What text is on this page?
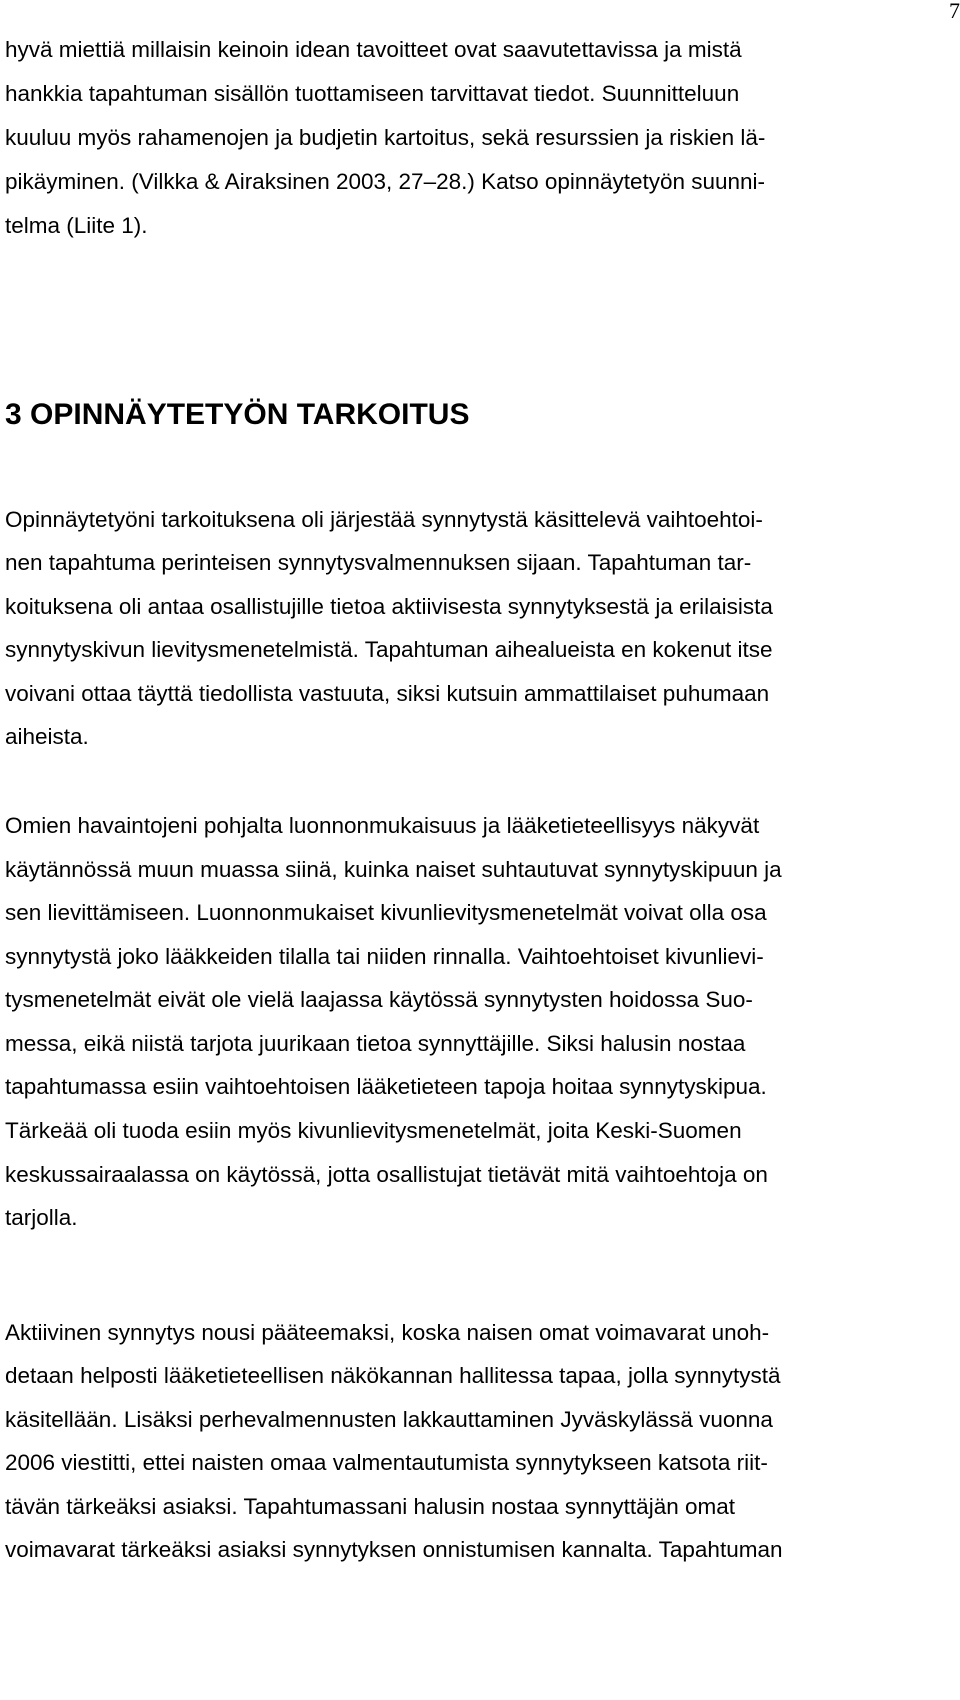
7
hyvä miettiä millaisin keinoin idean tavoitteet ovat saavutettavissa ja mistä
hankkia tapahtuman sisällön tuottamiseen tarvittavat tiedot. Suunnitteluun
kuuluu myös rahamenojen ja budjetin kartoitus, sekä resurssien ja riskien lä-
pikäyminen. (Vilkka & Airaksinen 2003, 27–28.) Katso opinnäytetyön suunni-
telma (Liite 1).
3 OPINNÄYTETYÖN TARKOITUS
Opinnäytetyöni tarkoituksena oli järjestää synnytystä käsittelevä vaihtoehtoi-
nen tapahtuma perinteisen synnytysvalmennuksen sijaan. Tapahtuman tar-
koituksena oli antaa osallistujille tietoa aktiivisesta synnytyksestä ja erilaisista
synnytyskivun lievitysmenetelmistä. Tapahtuman aihealueista en kokenut itse
voivani ottaa täyttä tiedollista vastuuta, siksi kutsuin ammattilaiset puhumaan
aiheista.
Omien havaintojeni pohjalta luonnonmukaisuus ja lääketieteellisyys näkyvät
käytännössä muun muassa siinä, kuinka naiset suhtautuvat synnytyskipuun ja
sen lievittämiseen. Luonnonmukaiset kivunlievitysmenetelmät voivat olla osa
synnytystä joko lääkkeiden tilalla tai niiden rinnalla. Vaihtoehtoiset kivunlievi-
tysmenetelmät eivät ole vielä laajassa käytössä synnytysten hoidossa Suo-
messa, eikä niistä tarjota juurikaan tietoa synnyttäjille. Siksi halusin nostaa
tapahtumassa esiin vaihtoehtoisen lääketieteen tapoja hoitaa synnytyskipua.
Tärkeää oli tuoda esiin myös kivunlievitysmenetelmät, joita Keski-Suomen
keskussairaalassa on käytössä, jotta osallistujat tietävät mitä vaihtoehtoja on
tarjolla.
Aktiivinen synnytys nousi pääteemaksi, koska naisen omat voimavarat unoh-
detaan helposti lääketieteellisen näkökannan hallitessa tapaa, jolla synnytystä
käsitellään. Lisäksi perhevalmennusten lakkauttaminen Jyväskylässä vuonna
2006 viestitti, ettei naisten omaa valmentautumista synnytykseen katsota riit-
tävän tärkeäksi asiaksi. Tapahtumassani halusin nostaa synnyttäjän omat
voimavarat tärkeäksi asiaksi synnytyksen onnistumisen kannalta. Tapahtuman
